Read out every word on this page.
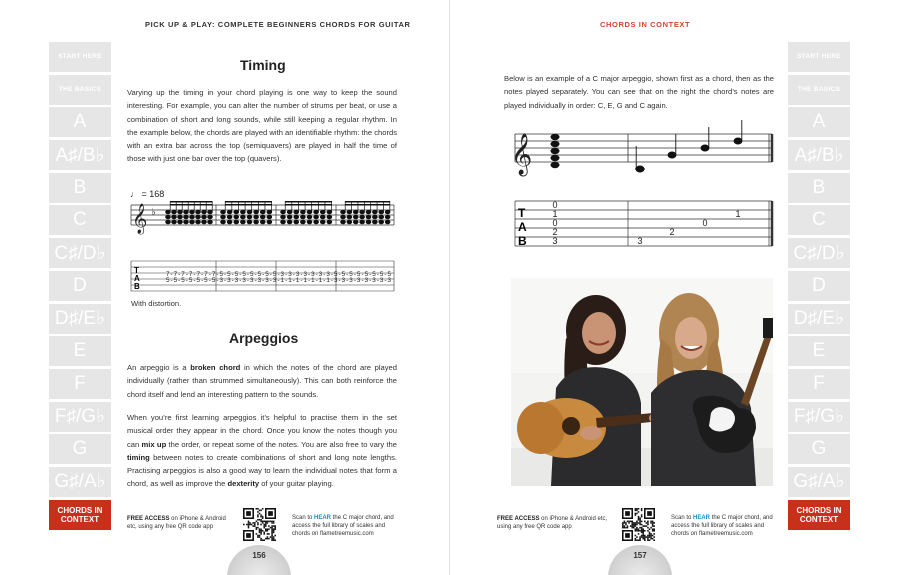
PICK UP & PLAY: COMPLETE BEGINNERS CHORDS FOR GUITAR
START HERE
THE BASICS
A
A♯/B♭
B
C
C♯/D♭
D
D♯/E♭
E
F
F♯/G♭
G
G♯/A♭
CHORDS IN CONTEXT
Timing

Varying up the timing in your chord playing is one way to keep the sound interesting. For example, you can alter the number of strums per beat, or use a combination of short and long sounds, while still keeping a regular rhythm. In the example below, the chords are played with an identifiable rhythm: the chords with an extra bar across the top (semiquavers) are played in half the time of those with just one bar over the top (quavers).

♩ = 168
𝄞 ♭
T
A
B
7-7-7-7-7-7-7-5-5-5-5-5-5-5-5-3-3-3-3-3-3-3-5-5-5-5-5-5-5-5
5-5-5-5-5-5-5-3-3-3-3-3-3-3-3-1-1-1-1-1-1-1-3-3-3-3-3-3-3-3
With distortion.
Arpeggios

An arpeggio is a broken chord in which the notes of the chord are played individually (rather than strummed simultaneously). This can both reinforce the chord itself and lend an interesting pattern to the sounds.

When you’re first learning arpeggios it’s helpful to practise them in the set musical order they appear in the chord. Once you know the notes though you can mix up the order, or repeat some of the notes. You are also free to vary the timing between notes to create combinations of short and long note lengths. Practising arpeggios is also a good way to learn the individual notes that form a chord, as well as improve the dexterity of your guitar playing.

FREE ACCESS on iPhone & Android etc, using any free QR code app
Scan to HEAR the C major chord, and access the full library of scales and chords on flametreemusic.com
156
CHORDS IN CONTEXT

Below is an example of a C major arpeggio, shown first as a chord, then as the notes played separately. You can see that on the right the chord’s notes are played individually in order: C, E, G and C again.

𝄞
T
A
B
0
1
0
2
3	3
2
0
1
FREE ACCESS on iPhone & Android etc, using any free QR code app
Scan to HEAR the C major chord, and access the full library of scales and chords on flametreemusic.com
157
START HERE
THE BASICS
A
A♯/B♭
B
C
C♯/D♭
D
D♯/E♭
E
F
F♯/G♭
G
G♯/A♭
CHORDS IN CONTEXT
